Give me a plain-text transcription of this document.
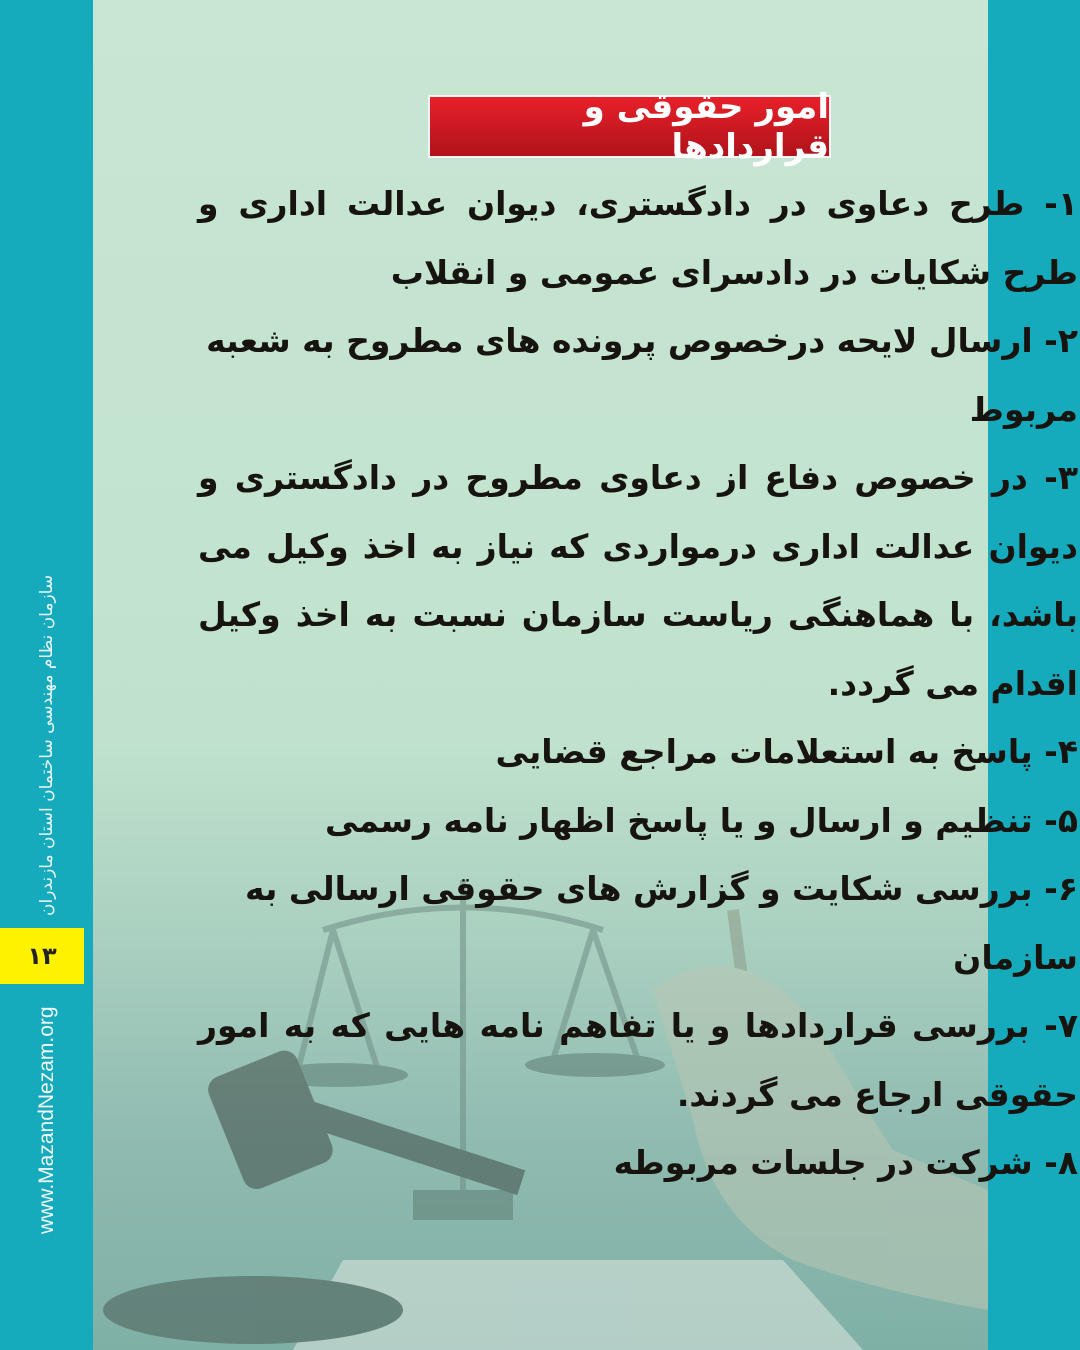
امور حقوقی و قراردادها

۱- طرح دعاوی در دادگستری، دیوان عدالت اداری و طرح شکایات در دادسرای عمومی و انقلاب

۲- ارسال لایحه درخصوص پرونده های مطروح به شعبه مربوط

۳- در خصوص دفاع از دعاوی مطروح در دادگستری و دیوان عدالت اداری درمواردی که نیاز به اخذ وکیل می باشد، با هماهنگی ریاست سازمان نسبت به اخذ وکیل اقدام می گردد.

۴- پاسخ به استعلامات مراجع قضایی

۵- تنظیم و ارسال و یا پاسخ اظهار نامه رسمی

۶- بررسی شکایت و گزارش های حقوقی ارسالی به سازمان

۷- بررسی قراردادها و یا تفاهم نامه هایی که به امور حقوقی ارجاع می گردند.

۸- شرکت در جلسات مربوطه

سازمان نظام مهندسی ساختمان استان مازندران
۱۳
www.MazandNezam.org
